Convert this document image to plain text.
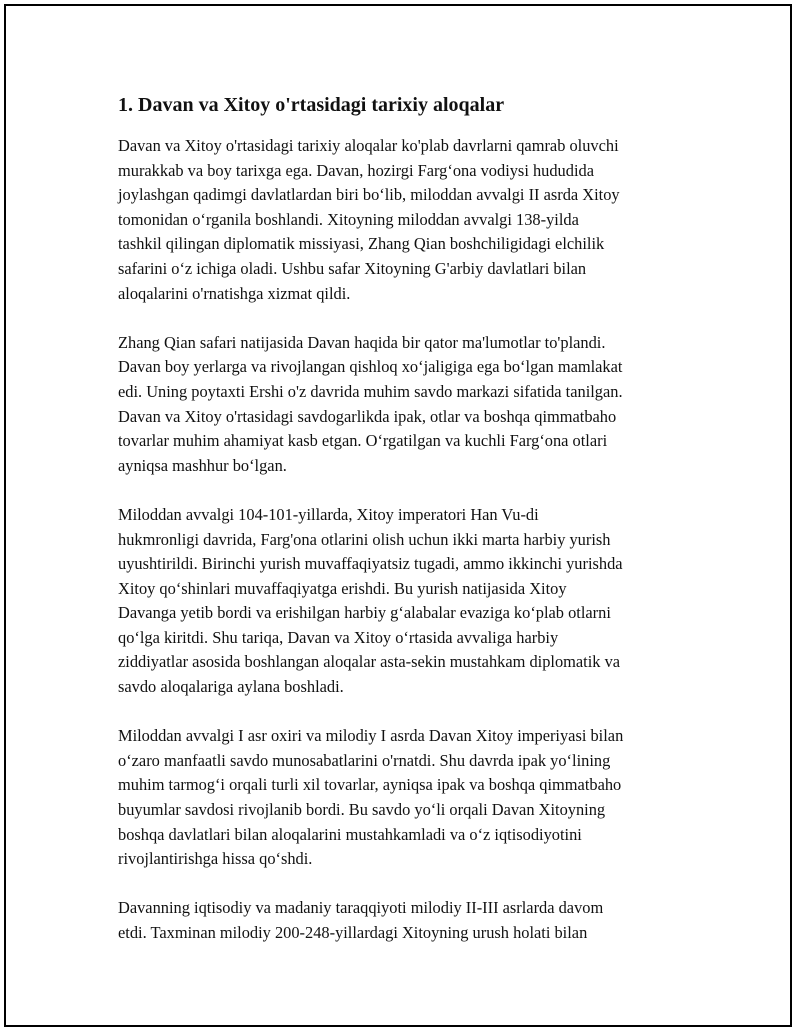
1. Davan va Xitoy o'rtasidagi tarixiy aloqalar

Davan va Xitoy o'rtasidagi tarixiy aloqalar ko'plab davrlarni qamrab oluvchi
murakkab va boy tarixga ega. Davan, hozirgi Farg‘ona vodiysi hududida
joylashgan qadimgi davlatlardan biri bo‘lib, miloddan avvalgi II asrda Xitoy
tomonidan o‘rganila boshlandi. Xitoyning miloddan avvalgi 138-yilda
tashkil qilingan diplomatik missiyasi, Zhang Qian boshchiligidagi elchilik
safarini o‘z ichiga oladi. Ushbu safar Xitoyning G'arbiy davlatlari bilan
aloqalarini o'rnatishga xizmat qildi.

Zhang Qian safari natijasida Davan haqida bir qator ma'lumotlar to'plandi.
Davan boy yerlarga va rivojlangan qishloq xo‘jaligiga ega bo‘lgan mamlakat
edi. Uning poytaxti Ershi o'z davrida muhim savdo markazi sifatida tanilgan.
Davan va Xitoy o'rtasidagi savdogarlikda ipak, otlar va boshqa qimmatbaho
tovarlar muhim ahamiyat kasb etgan. O‘rgatilgan va kuchli Farg‘ona otlari
ayniqsa mashhur bo‘lgan.

Miloddan avvalgi 104-101-yillarda, Xitoy imperatori Han Vu-di
hukmronligi davrida, Farg'ona otlarini olish uchun ikki marta harbiy yurish
uyushtirildi. Birinchi yurish muvaffaqiyatsiz tugadi, ammo ikkinchi yurishda
Xitoy qo‘shinlari muvaffaqiyatga erishdi. Bu yurish natijasida Xitoy
Davanga yetib bordi va erishilgan harbiy g‘alabalar evaziga ko‘plab otlarni
qo‘lga kiritdi. Shu tariqa, Davan va Xitoy o‘rtasida avvaliga harbiy
ziddiyatlar asosida boshlangan aloqalar asta-sekin mustahkam diplomatik va
savdo aloqalariga aylana boshladi.

Miloddan avvalgi I asr oxiri va milodiy I asrda Davan Xitoy imperiyasi bilan
o‘zaro manfaatli savdo munosabatlarini o'rnatdi. Shu davrda ipak yo‘lining
muhim tarmog‘i orqali turli xil tovarlar, ayniqsa ipak va boshqa qimmatbaho
buyumlar savdosi rivojlanib bordi. Bu savdo yo‘li orqali Davan Xitoyning
boshqa davlatlari bilan aloqalarini mustahkamladi va o‘z iqtisodiyotini
rivojlantirishga hissa qo‘shdi.

Davanning iqtisodiy va madaniy taraqqiyoti milodiy II-III asrlarda davom
etdi. Taxminan milodiy 200-248-yillardagi Xitoyning urush holati bilan
